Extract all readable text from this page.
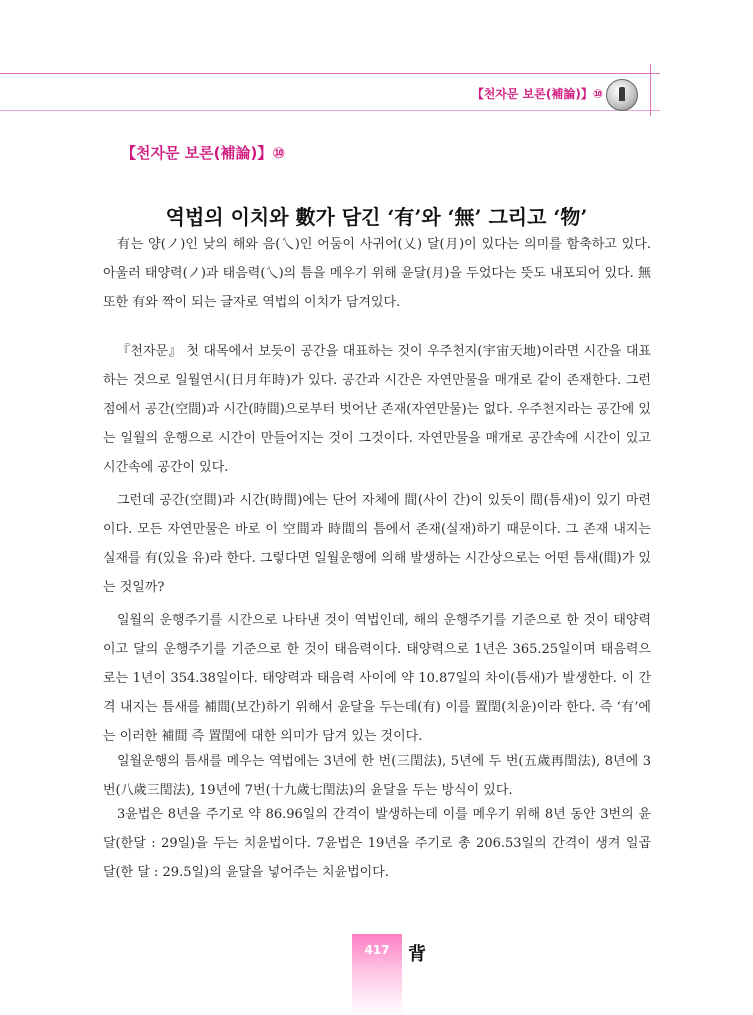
【천자문 보론(補論)】⑩
【천자문 보론(補論)】⑩
역법의 이치와 數가 담긴 ‘有’와 ‘無’ 그리고 ‘物’

有는 양(ノ)인 낮의 해와 음(乀)인 어둠이 사귀어(乂) 달(月)이 있다는 의미를 함축하고 있다. 아울러 태양력(ノ)과 태음력(乀)의 틈을 메우기 위해 윤달(月)을 두었다는 뜻도 내포되어 있다. 無 또한 有와 짝이 되는 글자로 역법의 이치가 담겨있다.

『천자문』 첫 대목에서 보듯이 공간을 대표하는 것이 우주천지(宇宙天地)이라면 시간을 대표하는 것으로 일월연시(日月年時)가 있다. 공간과 시간은 자연만물을 매개로 같이 존재한다. 그런 점에서 공간(空間)과 시간(時間)으로부터 벗어난 존재(자연만물)는 없다. 우주천지라는 공간에 있는 일월의 운행으로 시간이 만들어지는 것이 그것이다. 자연만물을 매개로 공간속에 시간이 있고 시간속에 공간이 있다.

그런데 공간(空間)과 시간(時間)에는 단어 자체에 間(사이 간)이 있듯이 間(틈새)이 있기 마련이다. 모든 자연만물은 바로 이 空間과 時間의 틈에서 존재(실재)하기 때문이다. 그 존재 내지는 실재를 有(있을 유)라 한다. 그렇다면 일월운행에 의해 발생하는 시간상으로는 어떤 틈새(間)가 있는 것일까?

일월의 운행주기를 시간으로 나타낸 것이 역법인데, 해의 운행주기를 기준으로 한 것이 태양력이고 달의 운행주기를 기준으로 한 것이 태음력이다. 태양력으로 1년은 365.25일이며 태음력으로는 1년이 354.38일이다. 태양력과 태음력 사이에 약 10.87일의 차이(틈새)가 발생한다. 이 간격 내지는 틈새를 補間(보간)하기 위해서 윤달을 두는데(有) 이를 置閏(치윤)이라 한다. 즉 ‘有’에는 이러한 補間 즉 置閏에 대한 의미가 담겨 있는 것이다.

일월운행의 틈새를 메우는 역법에는 3년에 한 번(三閏法), 5년에 두 번(五歲再閏法), 8년에 3번(八歲三閏法), 19년에 7번(十九歲七閏法)의 윤달을 두는 방식이 있다.

3윤법은 8년을 주기로 약 86.96일의 간격이 발생하는데 이를 메우기 위해 8년 동안 3번의 윤달(한달 : 29일)을 두는 치윤법이다. 7윤법은 19년을 주기로 총 206.53일의 간격이 생겨 일곱 달(한 달 : 29.5일)의 윤달을 넣어주는 치윤법이다.

417	背
